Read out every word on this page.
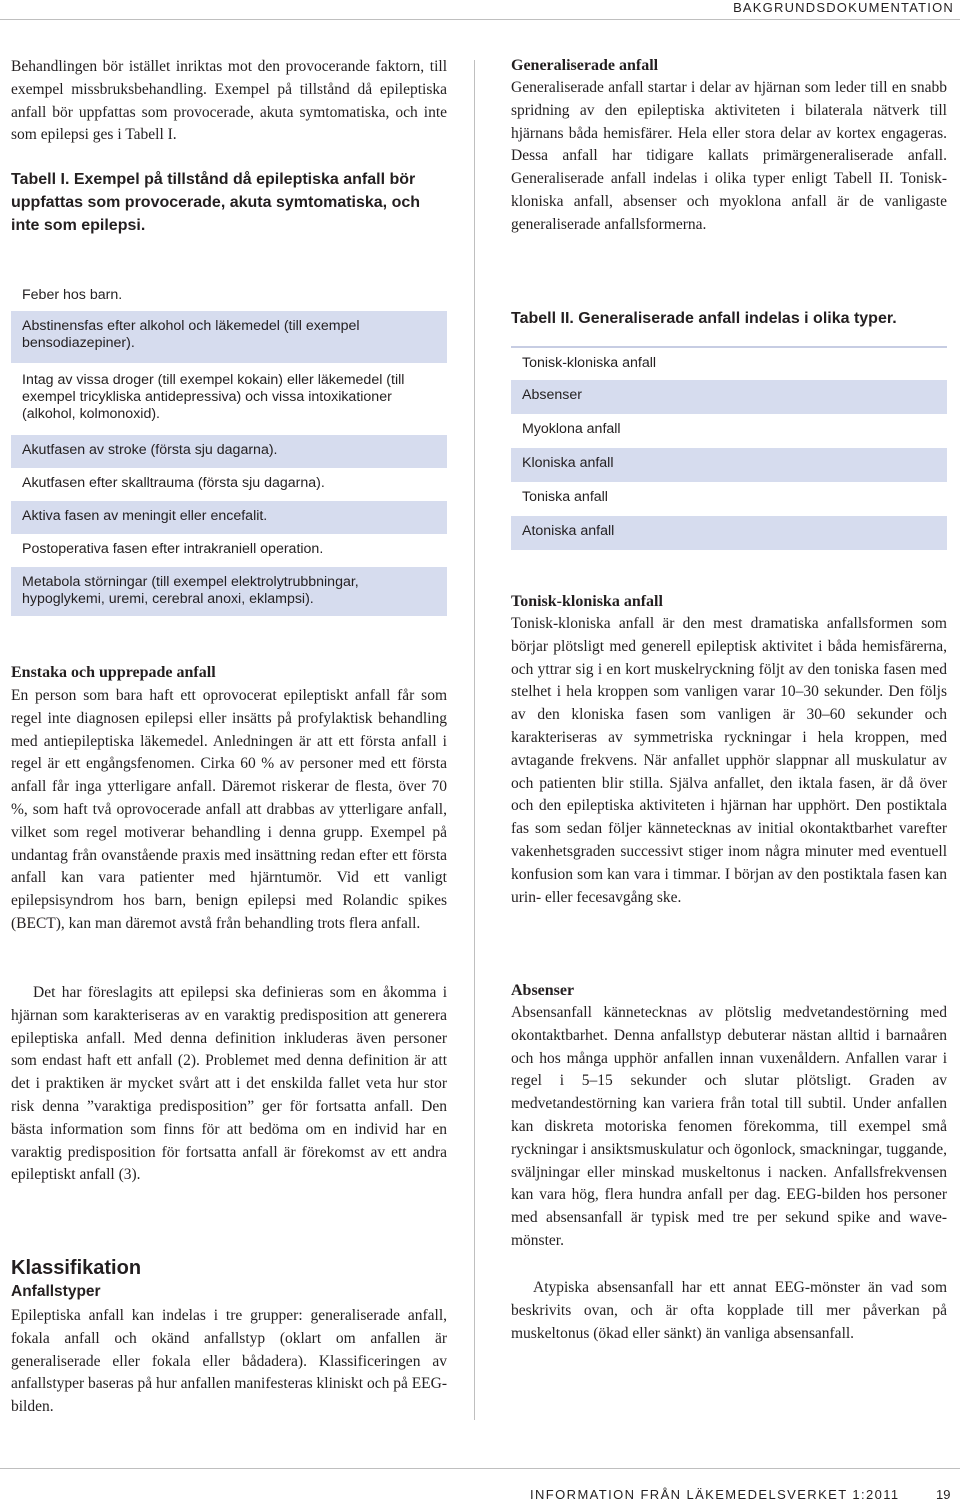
BAKGRUNDSDOKUMENTATION

Behandlingen bör istället inriktas mot den provocerande faktorn, till exempel missbruksbehandling. Exempel på tillstånd då epileptiska anfall bör uppfattas som provocerade, akuta symtomatiska, och inte som epilepsi ges i Tabell I.

Tabell I. Exempel på tillstånd då epileptiska anfall bör uppfattas som provocerade, akuta symtomatiska, och inte som epilepsi.

Feber hos barn.
Abstinensfas efter alkohol och läkemedel (till exempel bensodiazepiner).
Intag av vissa droger (till exempel kokain) eller läkemedel (till exempel tricykliska antidepressiva) och vissa intoxikationer (alkohol, kolmonoxid).
Akutfasen av stroke (första sju dagarna).
Akutfasen efter skalltrauma (första sju dagarna).
Aktiva fasen av meningit eller encefalit.
Postoperativa fasen efter intrakraniell operation.
Metabola störningar (till exempel elektrolytrubbningar, hypoglykemi, uremi, cerebral anoxi, eklampsi).

Enstaka och upprepade anfall

En person som bara haft ett oprovocerat epileptiskt anfall får som regel inte diagnosen epilepsi eller insätts på profylaktisk behandling med antiepileptiska läkemedel. Anledningen är att ett första anfall i regel är ett engångsfenomen. Cirka 60 % av personer med ett första anfall får inga ytterligare anfall. Däremot riskerar de flesta, över 70 %, som haft två oprovocerade anfall att drabbas av ytterligare anfall, vilket som regel motiverar behandling i denna grupp. Exempel på undantag från ovanstående praxis med insättning redan efter ett första anfall kan vara patienter med hjärntumör. Vid ett vanligt epilepsisyndrom hos barn, benign epilepsi med Rolandic spikes (BECT), kan man däremot avstå från behandling trots flera anfall.

Det har föreslagits att epilepsi ska definieras som en åkomma i hjärnan som karakteriseras av en varaktig predisposition att generera epileptiska anfall. Med denna definition inkluderas även personer som endast haft ett anfall (2). Problemet med denna definition är att det i praktiken är mycket svårt att i det enskilda fallet veta hur stor risk denna ”varaktiga predisposition” ger för fortsatta anfall. Den bästa information som finns för att bedöma om en individ har en varaktig predisposition för fortsatta anfall är förekomst av ett andra epileptiskt anfall (3).

Klassifikation

Anfallstyper

Epileptiska anfall kan indelas i tre grupper: generaliserade anfall, fokala anfall och okänd anfallstyp (oklart om anfallen är generaliserade eller fokala eller bådadera). Klassificeringen av anfallstyper baseras på hur anfallen manifesteras kliniskt och på EEG-bilden.

Generaliserade anfall

Generaliserade anfall startar i delar av hjärnan som leder till en snabb spridning av den epileptiska aktiviteten i bilaterala nätverk till hjärnans båda hemisfärer. Hela eller stora delar av kortex engageras. Dessa anfall har tidigare kallats primärgeneraliserade anfall. Generaliserade anfall indelas i olika typer enligt Tabell II. Tonisk-kloniska anfall, absenser och myoklona anfall är de vanligaste generaliserade anfallsformerna.

Tabell II. Generaliserade anfall indelas i olika typer.

Tonisk-kloniska anfall
Absenser
Myoklona anfall
Kloniska anfall
Toniska anfall
Atoniska anfall

Tonisk-kloniska anfall

Tonisk-kloniska anfall är den mest dramatiska anfallsformen som börjar plötsligt med generell epileptisk aktivitet i båda hemisfärerna, och yttrar sig i en kort muskelryckning följt av den toniska fasen med stelhet i hela kroppen som vanligen varar 10–30 sekunder. Den följs av den kloniska fasen som vanligen är 30–60 sekunder och karakteriseras av symmetriska ryckningar i hela kroppen, med avtagande frekvens. När anfallet upphör slappnar all muskulatur av och patienten blir stilla. Själva anfallet, den iktala fasen, är då över och den epileptiska aktiviteten i hjärnan har upphört. Den postiktala fas som sedan följer kännetecknas av initial okontaktbarhet varefter vakenhetsgraden successivt stiger inom några minuter med eventuell konfusion som kan vara i timmar. I början av den postiktala fasen kan urin- eller fecesavgång ske.

Absenser

Absensanfall kännetecknas av plötslig medvetandestörning med okontaktbarhet. Denna anfallstyp debuterar nästan alltid i barnaåren och hos många upphör anfallen innan vuxenåldern. Anfallen varar i regel i 5–15 sekunder och slutar plötsligt. Graden av medvetandestörning kan variera från total till subtil. Under anfallen kan diskreta motoriska fenomen förekomma, till exempel små ryckningar i ansiktsmuskulatur och ögonlock, smackningar, tuggande, sväljningar eller minskad muskeltonus i nacken. Anfallsfrekvensen kan vara hög, flera hundra anfall per dag. EEG-bilden hos personer med absensanfall är typisk med tre per sekund spike and wave-mönster.

Atypiska absensanfall har ett annat EEG-mönster än vad som beskrivits ovan, och är ofta kopplade till mer påverkan på muskeltonus (ökad eller sänkt) än vanliga absensanfall.

INFORMATION FRÅN LÄKEMEDELSVERKET 1:2011	19
